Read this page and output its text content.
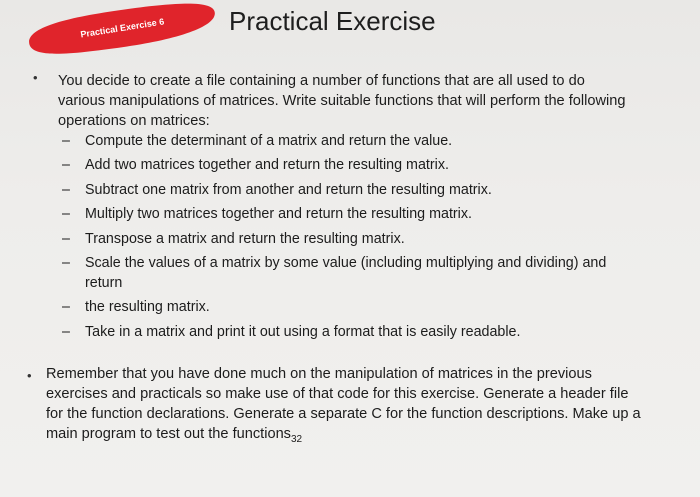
Practical Exercise 6 Practical Exercise
• You decide to create a file containing a number of functions that are all used to do various manipulations of matrices. Write suitable functions that will perform the following operations on matrices:

– Compute the determinant of a matrix and return the value.
– Add two matrices together and return the resulting matrix.
– Subtract one matrix from another and return the resulting matrix.
– Multiply two matrices together and return the resulting matrix.
– Transpose a matrix and return the resulting matrix.
– Scale the values of a matrix by some value (including multiplying and dividing) and return
– the resulting matrix.
– Take in a matrix and print it out using a format that is easily readable.
• Remember that you have done much on the manipulation of matrices in the previous exercises and practicals so make use of that code for this exercise. Generate a header file for the function declarations. Generate a separate C for the function descriptions. Make up a main program to test out the functions$_{32}$
